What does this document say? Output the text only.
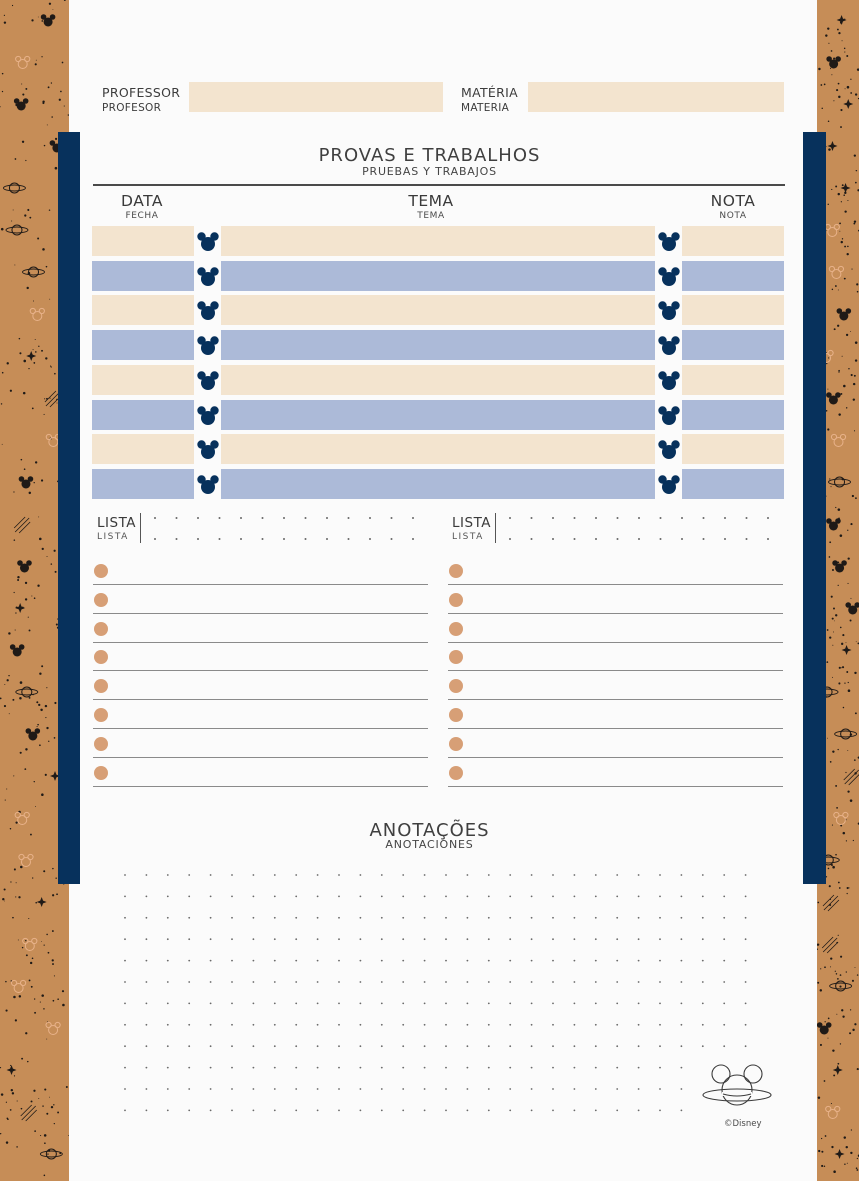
PROFESSOR
PROFESOR
MATÉRIA
MATERIA
PROVAS E TRABALHOS
PRUEBAS Y TRABAJOS
DATA
FECHA
TEMA
TEMA
NOTA
NOTA
LISTA
LISTA
LISTA
LISTA
ANOTAÇÕES
ANOTACIONES
©Disney
